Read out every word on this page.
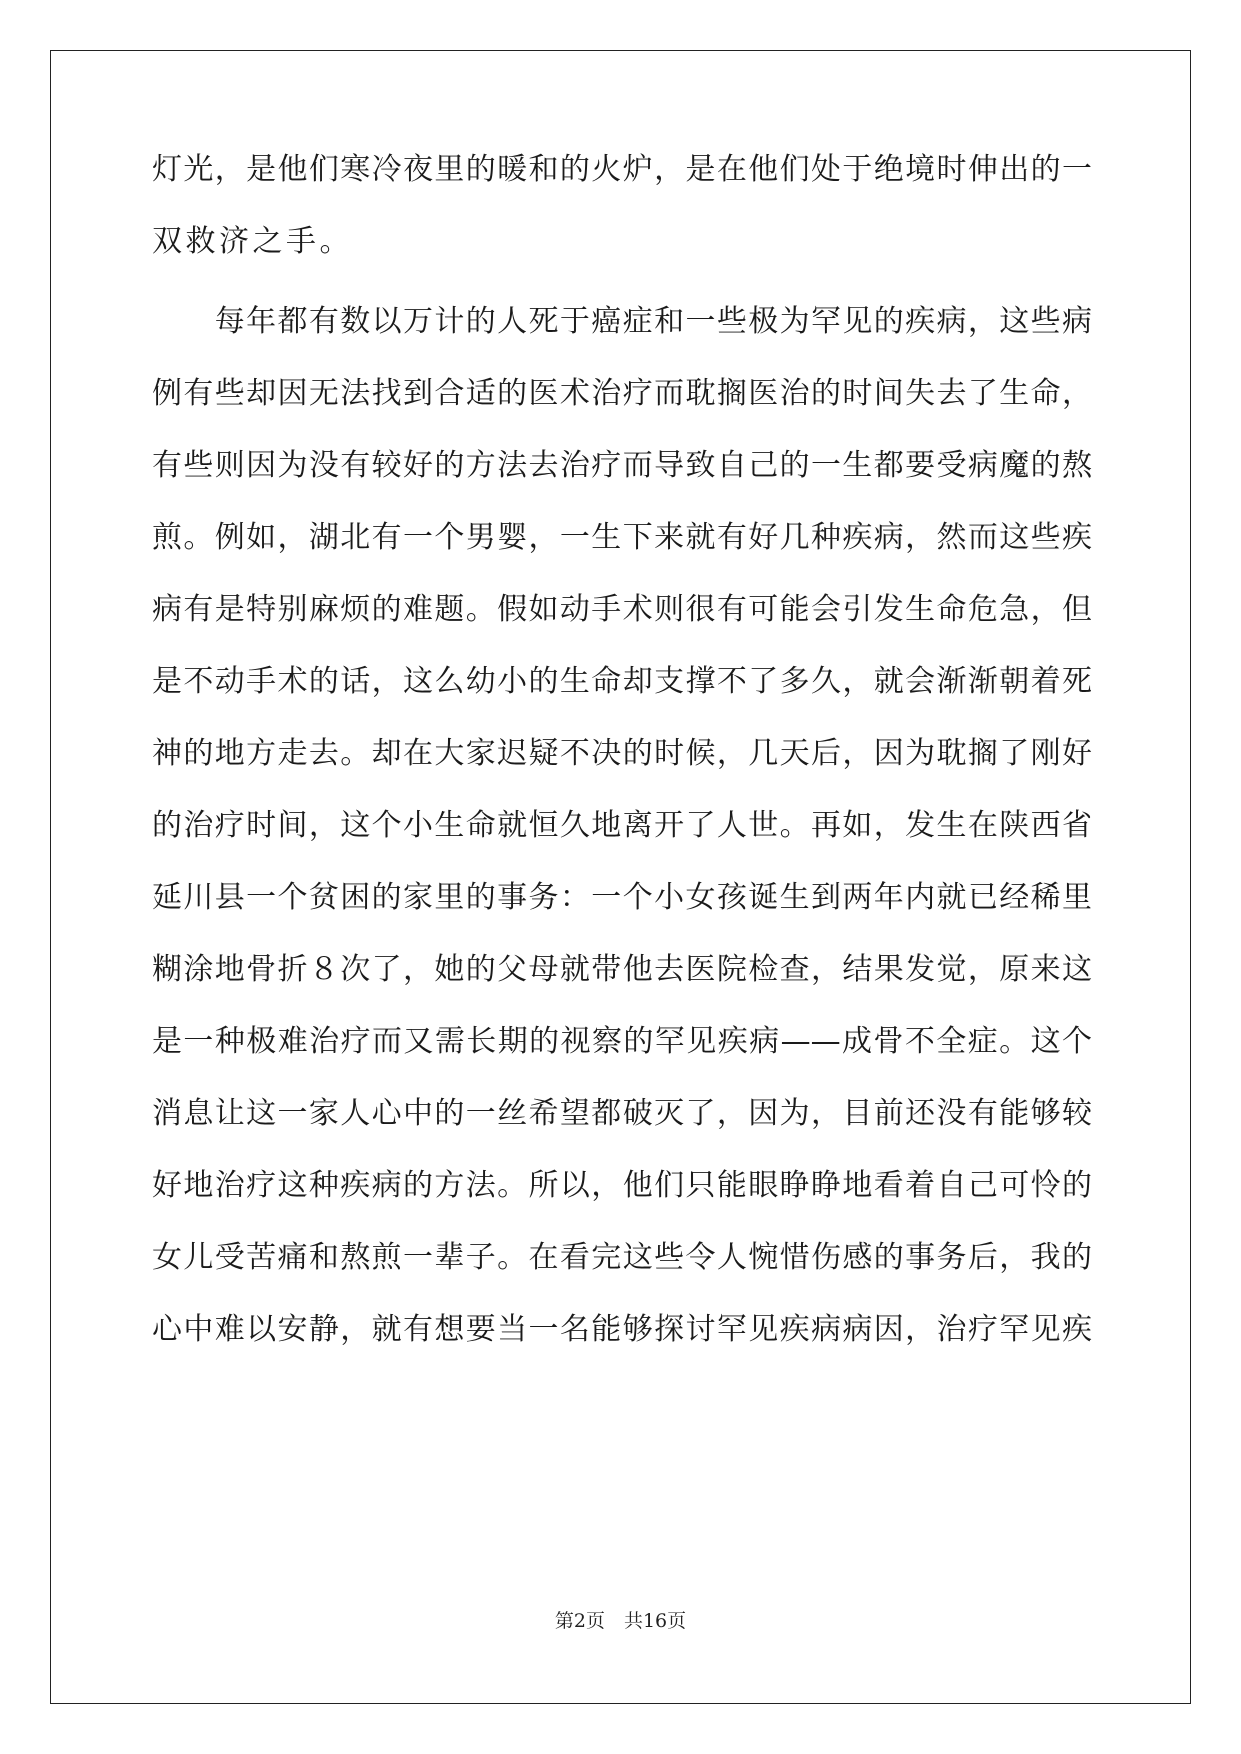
灯光，是他们寒冷夜里的暖和的火炉，是在他们处于绝境时伸出的一
双救济之手。
　　每年都有数以万计的人死于癌症和一些极为罕见的疾病，这些病
例有些却因无法找到合适的医术治疗而耽搁医治的时间失去了生命，
有些则因为没有较好的方法去治疗而导致自己的一生都要受病魔的熬
煎。例如，湖北有一个男婴，一生下来就有好几种疾病，然而这些疾
病有是特别麻烦的难题。假如动手术则很有可能会引发生命危急，但
是不动手术的话，这么幼小的生命却支撑不了多久，就会渐渐朝着死
神的地方走去。却在大家迟疑不决的时候，几天后，因为耽搁了刚好
的治疗时间，这个小生命就恒久地离开了人世。再如，发生在陕西省
延川县一个贫困的家里的事务：一个小女孩诞生到两年内就已经稀里
糊涂地骨折８次了，她的父母就带他去医院检查，结果发觉，原来这
是一种极难治疗而又需长期的视察的罕见疾病——成骨不全症。这个
消息让这一家人心中的一丝希望都破灭了，因为，目前还没有能够较
好地治疗这种疾病的方法。所以，他们只能眼睁睁地看着自己可怜的
女儿受苦痛和熬煎一辈子。在看完这些令人惋惜伤感的事务后，我的
心中难以安静，就有想要当一名能够探讨罕见疾病病因，治疗罕见疾
第2页　共16页
